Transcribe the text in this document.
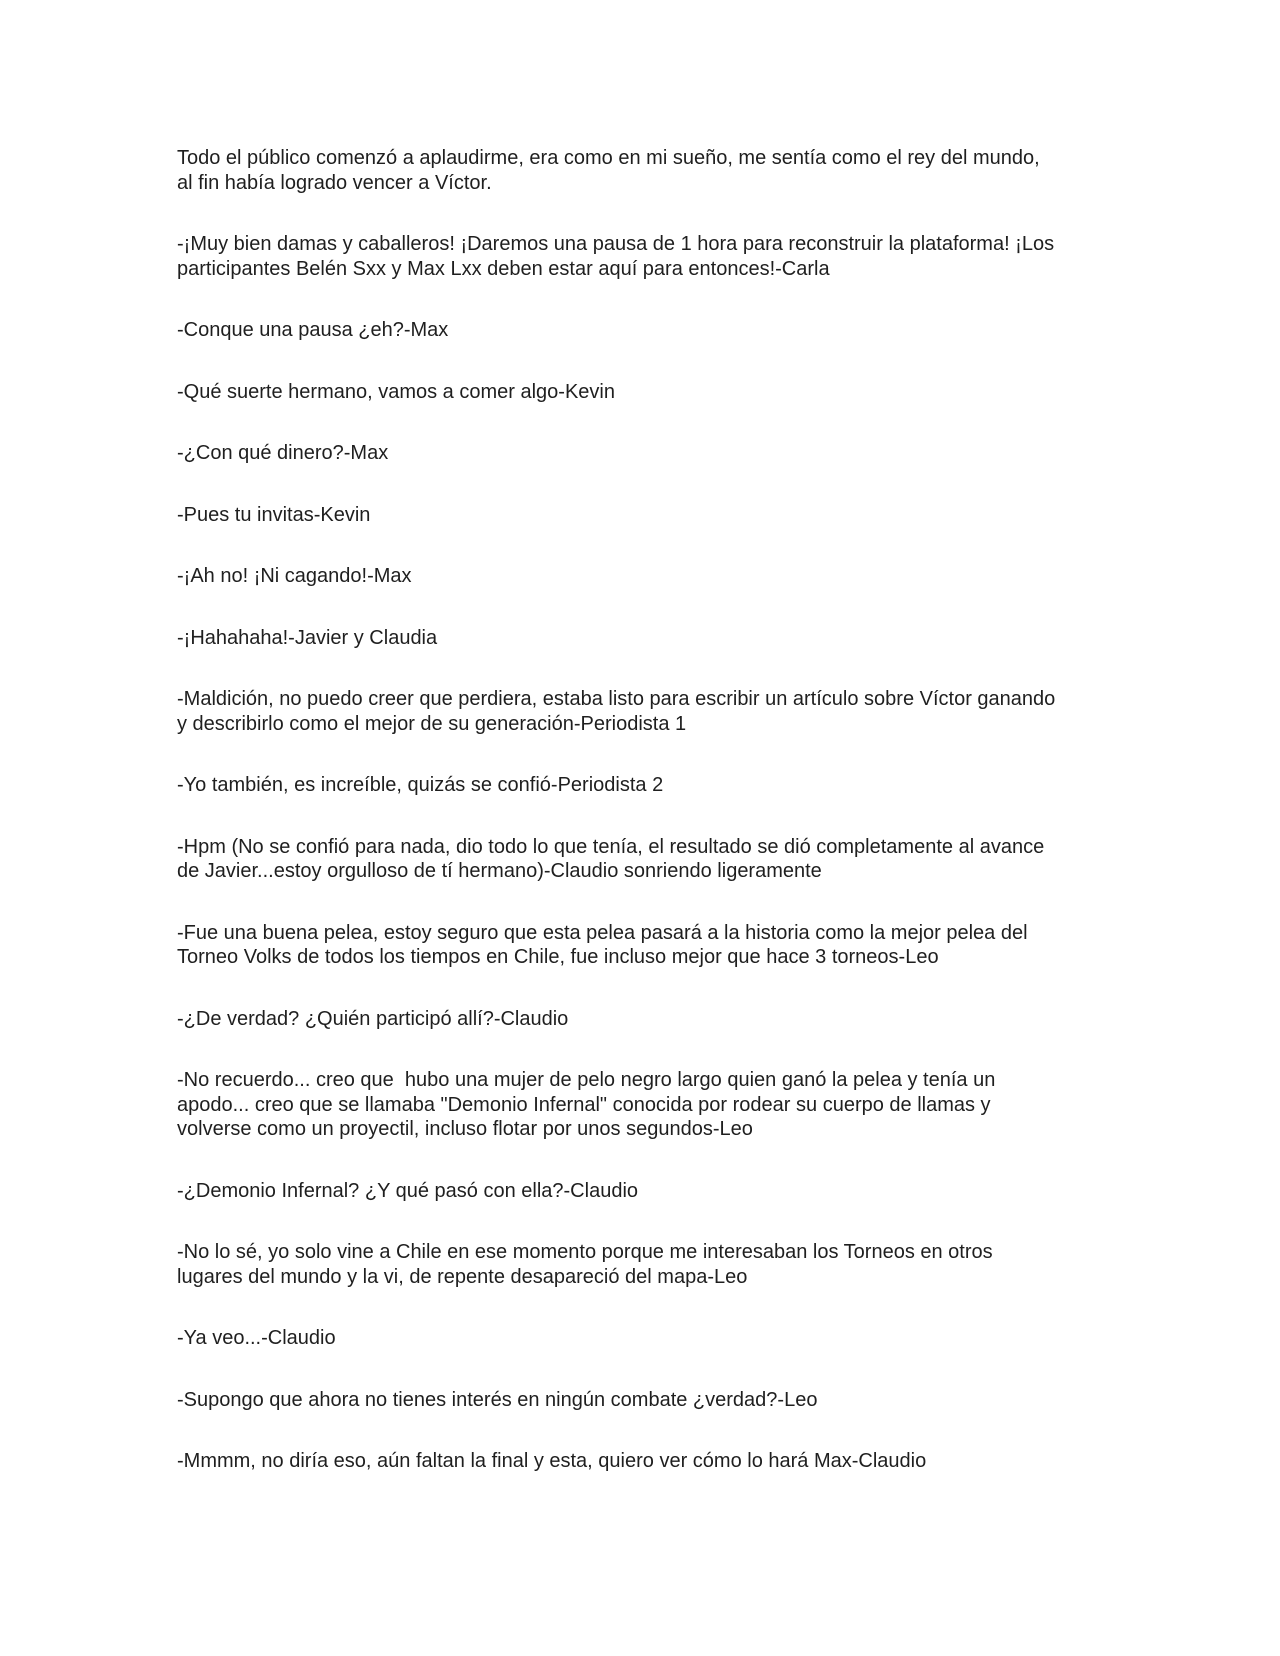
Todo el público comenzó a aplaudirme, era como en mi sueño, me sentía como el rey del mundo,
al fin había logrado vencer a Víctor.

-¡Muy bien damas y caballeros! ¡Daremos una pausa de 1 hora para reconstruir la plataforma! ¡Los
participantes Belén Sxx y Max Lxx deben estar aquí para entonces!-Carla

-Conque una pausa ¿eh?-Max

-Qué suerte hermano, vamos a comer algo-Kevin

-¿Con qué dinero?-Max

-Pues tu invitas-Kevin

-¡Ah no! ¡Ni cagando!-Max

-¡Hahahaha!-Javier y Claudia

-Maldición, no puedo creer que perdiera, estaba listo para escribir un artículo sobre Víctor ganando
y describirlo como el mejor de su generación-Periodista 1

-Yo también, es increíble, quizás se confió-Periodista 2

-Hpm (No se confió para nada, dio todo lo que tenía, el resultado se dió completamente al avance
de Javier...estoy orgulloso de tí hermano)-Claudio sonriendo ligeramente

-Fue una buena pelea, estoy seguro que esta pelea pasará a la historia como la mejor pelea del
Torneo Volks de todos los tiempos en Chile, fue incluso mejor que hace 3 torneos-Leo

-¿De verdad? ¿Quién participó allí?-Claudio

-No recuerdo... creo que  hubo una mujer de pelo negro largo quien ganó la pelea y tenía un
apodo... creo que se llamaba "Demonio Infernal" conocida por rodear su cuerpo de llamas y
volverse como un proyectil, incluso flotar por unos segundos-Leo

-¿Demonio Infernal? ¿Y qué pasó con ella?-Claudio

-No lo sé, yo solo vine a Chile en ese momento porque me interesaban los Torneos en otros
lugares del mundo y la vi, de repente desapareció del mapa-Leo

-Ya veo...-Claudio

-Supongo que ahora no tienes interés en ningún combate ¿verdad?-Leo

-Mmmm, no diría eso, aún faltan la final y esta, quiero ver cómo lo hará Max-Claudio
